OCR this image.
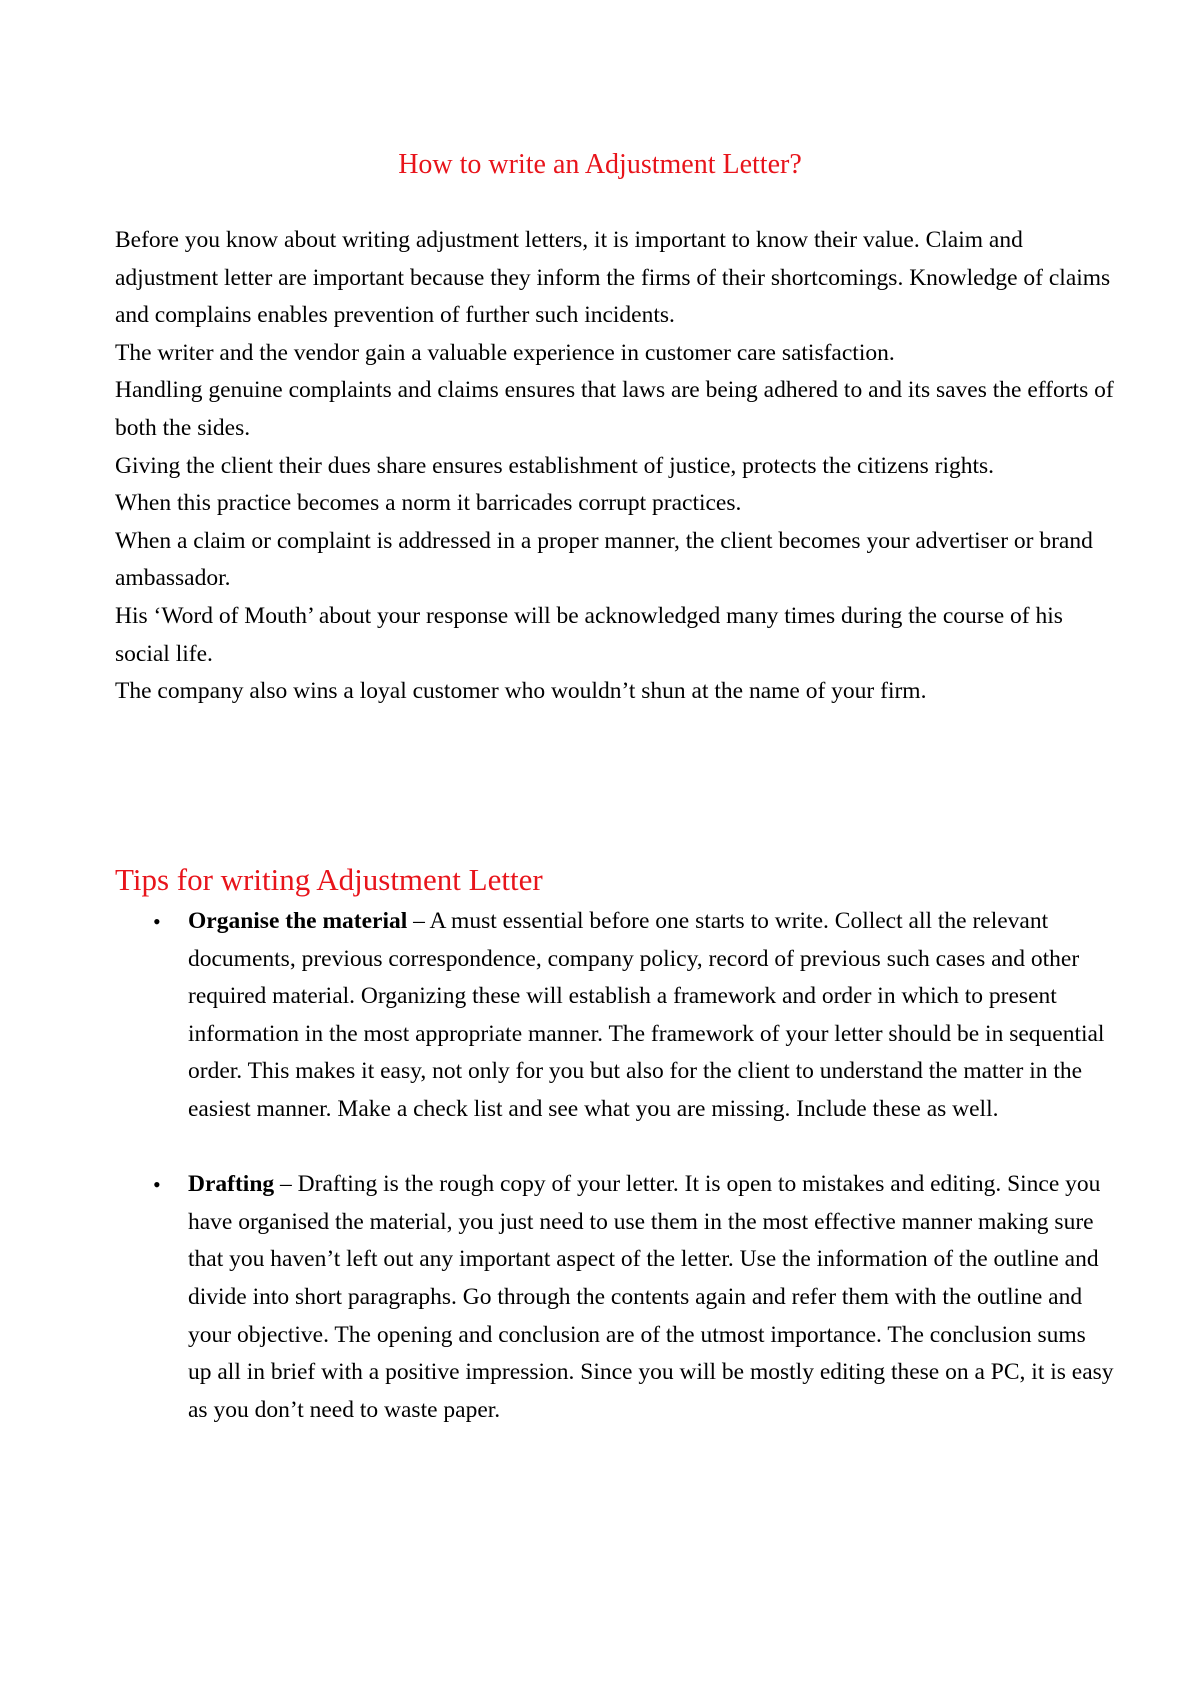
How to write an Adjustment Letter?

Before you know about writing adjustment letters, it is important to know their value. Claim and adjustment letter are important because they inform the firms of their shortcomings. Knowledge of claims and complains enables prevention of further such incidents.

The writer and the vendor gain a valuable experience in customer care satisfaction.

Handling genuine complaints and claims ensures that laws are being adhered to and its saves the efforts of both the sides.

Giving the client their dues share ensures establishment of justice, protects the citizens rights.

When this practice becomes a norm it barricades corrupt practices.

When a claim or complaint is addressed in a proper manner, the client becomes your advertiser or brand ambassador.

His ‘Word of Mouth’ about your response will be acknowledged many times during the course of his social life.

The company also wins a loyal customer who wouldn’t shun at the name of your firm.

Tips for writing Adjustment Letter
• Organise the material – A must essential before one starts to write. Collect all the relevant documents, previous correspondence, company policy, record of previous such cases and other required material. Organizing these will establish a framework and order in which to present information in the most appropriate manner. The framework of your letter should be in sequential order. This makes it easy, not only for you but also for the client to understand the matter in the easiest manner. Make a check list and see what you are missing. Include these as well.
• Drafting – Drafting is the rough copy of your letter. It is open to mistakes and editing. Since you have organised the material, you just need to use them in the most effective manner making sure that you haven’t left out any important aspect of the letter. Use the information of the outline and divide into short paragraphs. Go through the contents again and refer them with the outline and your objective. The opening and conclusion are of the utmost importance. The conclusion sums up all in brief with a positive impression. Since you will be mostly editing these on a PC, it is easy as you don’t need to waste paper.
